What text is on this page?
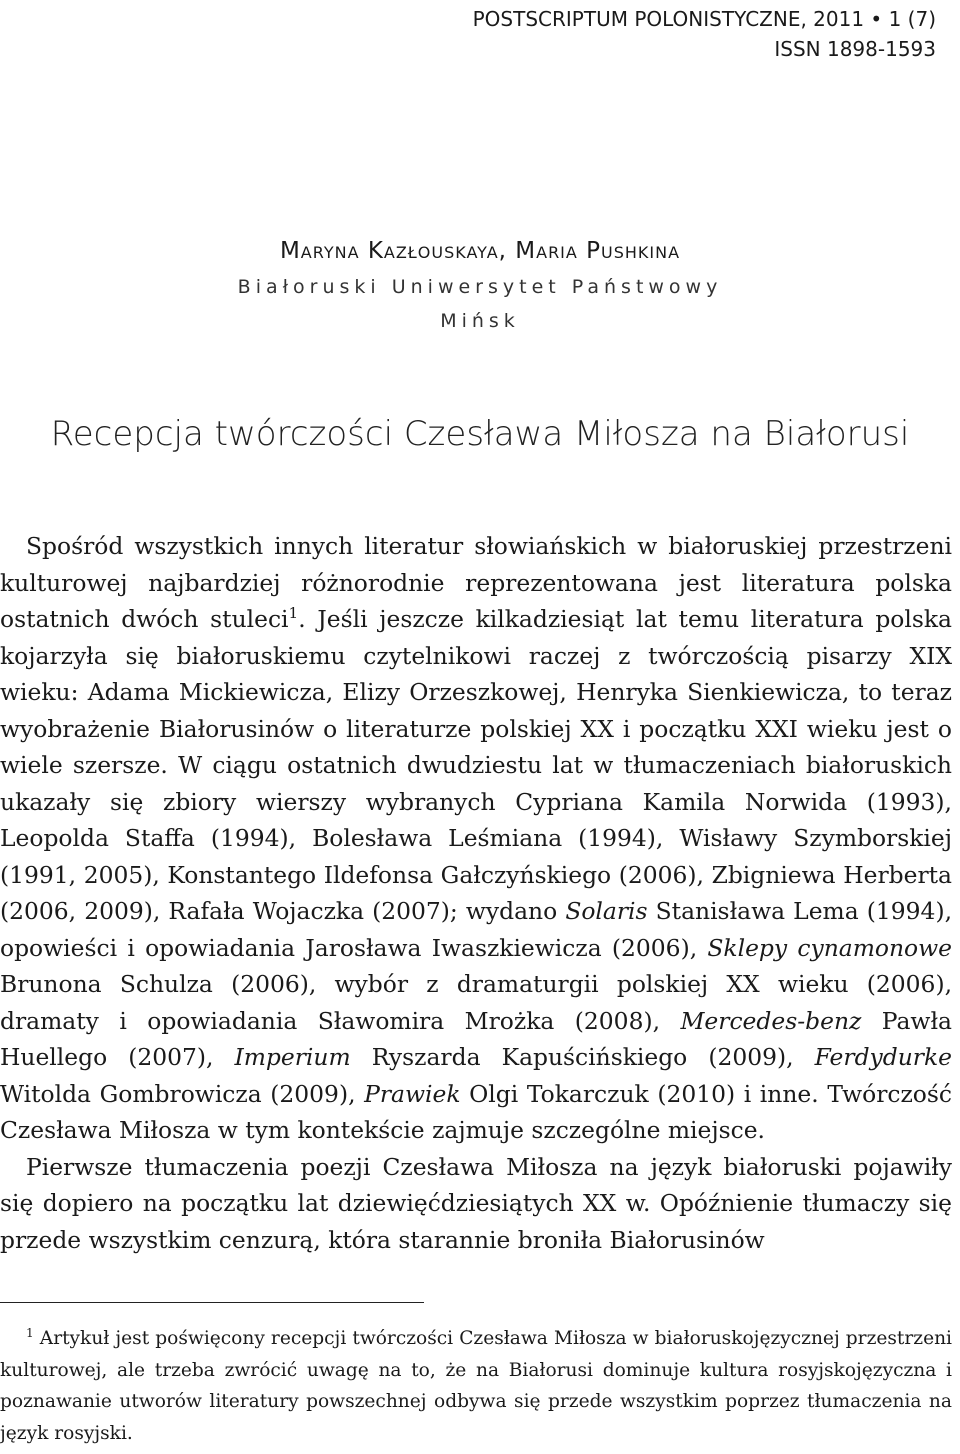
POSTSCRIPTUM POLONISTYCZNE, 2011 • 1 (7)
ISSN 1898-1593
Maryna Kazłouskaya, Maria Pushkina
Białoruski Uniwersytet Państwowy
Mińsk
Recepcja twórczości Czesława Miłosza na Białorusi

Spośród wszystkich innych literatur słowiańskich w białoruskiej przestrzeni kulturowej najbardziej różnorodnie reprezentowana jest literatura polska ostatnich dwóch stuleci$^1$. Jeśli jeszcze kilkadziesiąt lat temu literatura polska kojarzyła się białoruskiemu czytelnikowi raczej z twórczością pisarzy XIX wieku: Adama Mickiewicza, Elizy Orzeszkowej, Henryka Sienkiewicza, to teraz wyobrażenie Białorusinów o literaturze polskiej XX i początku XXI wieku jest o wiele szersze. W ciągu ostatnich dwudziestu lat w tłumaczeniach białoruskich ukazały się zbiory wierszy wybranych Cypriana Kamila Norwida (1993), Leopolda Staffa (1994), Bolesława Leśmiana (1994), Wisławy Szymborskiej (1991, 2005), Konstantego Ildefonsa Gałczyńskiego (2006), Zbigniewa Herberta (2006, 2009), Rafała Wojaczka (2007); wydano Solaris Stanisława Lema (1994), opowieści i opowiadania Jarosława Iwaszkiewicza (2006), Sklepy cynamonowe Brunona Schulza (2006), wybór z dramaturgii polskiej XX wieku (2006), dramaty i opowiadania Sławomira Mrożka (2008), Mercedes-benz Pawła Huellego (2007), Imperium Ryszarda Kapuścińskiego (2009), Ferdydurke Witolda Gombrowicza (2009), Prawiek Olgi Tokarczuk (2010) i inne. Twórczość Czesława Miłosza w tym kontekście zajmuje szczególne miejsce.

Pierwsze tłumaczenia poezji Czesława Miłosza na język białoruski pojawiły się dopiero na początku lat dziewięćdziesiątych XX w. Opóźnienie tłumaczy się przede wszystkim cenzurą, która starannie broniła Białorusinów

$^1$ Artykuł jest poświęcony recepcji twórczości Czesława Miłosza w białoruskojęzycznej przestrzeni kulturowej, ale trzeba zwrócić uwagę na to, że na Białorusi dominuje kultura rosyjskojęzyczna i poznawanie utworów literatury powszechnej odbywa się przede wszystkim poprzez tłumaczenia na język rosyjski.
